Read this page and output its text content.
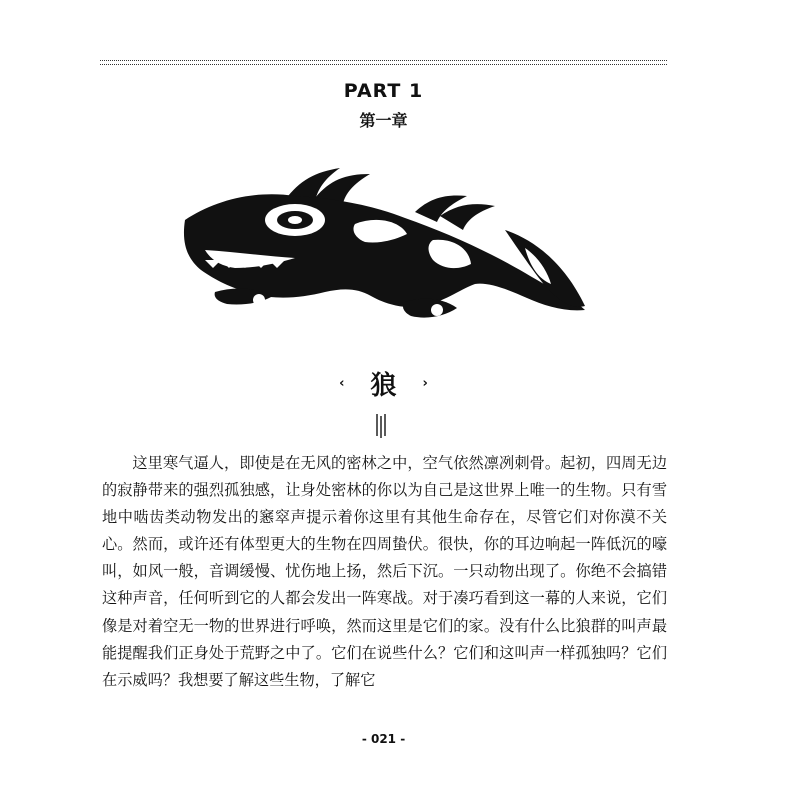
PART 1
第一章
‹ 狼 ›

这里寒气逼人，即使是在无风的密林之中，空气依然凛冽刺骨。起初，四周无边的寂静带来的强烈孤独感，让身处密林的你以为自己是这世界上唯一的生物。只有雪地中啮齿类动物发出的窸窣声提示着你这里有其他生命存在，尽管它们对你漠不关心。然而，或许还有体型更大的生物在四周蛰伏。很快，你的耳边响起一阵低沉的嚎叫，如风一般，音调缓慢、忧伤地上扬，然后下沉。一只动物出现了。你绝不会搞错这种声音，任何听到它的人都会发出一阵寒战。对于凑巧看到这一幕的人来说，它们像是对着空无一物的世界进行呼唤，然而这里是它们的家。没有什么比狼群的叫声最能提醒我们正身处于荒野之中了。它们在说些什么？它们和这叫声一样孤独吗？它们在示威吗？我想要了解这些生物，了解它

- 021 -
